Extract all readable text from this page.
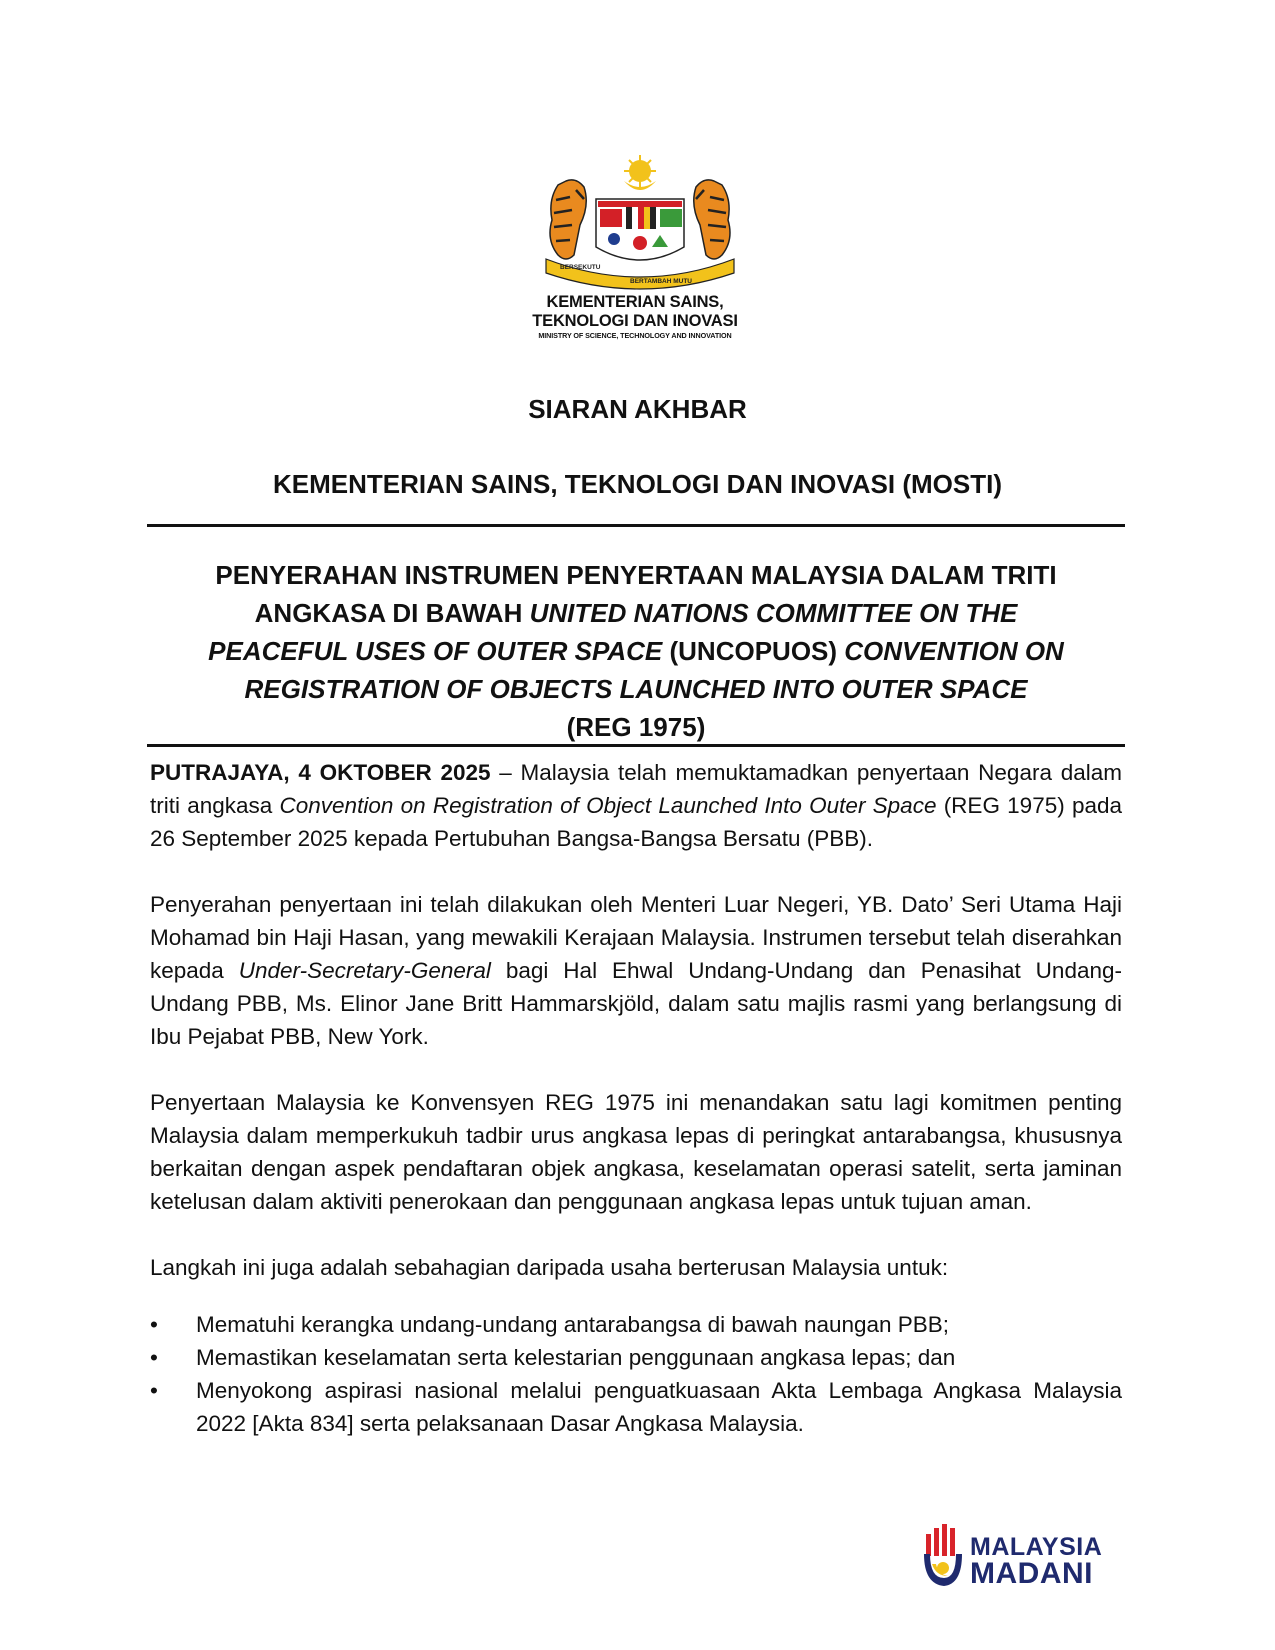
BERSEKUTU
BERTAMBAH MUTU
KEMENTERIAN SAINS,
TEKNOLOGI DAN INOVASI
MINISTRY OF SCIENCE, TECHNOLOGY AND INNOVATION
SIARAN AKHBAR
KEMENTERIAN SAINS, TEKNOLOGI DAN INOVASI (MOSTI)
PENYERAHAN INSTRUMEN PENYERTAAN MALAYSIA DALAM TRITI
ANGKASA DI BAWAH UNITED NATIONS COMMITTEE ON THE
PEACEFUL USES OF OUTER SPACE (UNCOPUOS) CONVENTION ON
REGISTRATION OF OBJECTS LAUNCHED INTO OUTER SPACE
(REG 1975)

PUTRAJAYA, 4 OKTOBER 2025 – Malaysia telah memuktamadkan penyertaan Negara dalam triti angkasa Convention on Registration of Object Launched Into Outer Space (REG 1975) pada 26 September 2025 kepada Pertubuhan Bangsa-Bangsa Bersatu (PBB).

Penyerahan penyertaan ini telah dilakukan oleh Menteri Luar Negeri, YB. Dato’ Seri Utama Haji Mohamad bin Haji Hasan, yang mewakili Kerajaan Malaysia. Instrumen tersebut telah diserahkan kepada Under-Secretary-General bagi Hal Ehwal Undang-Undang dan Penasihat Undang-Undang PBB, Ms. Elinor Jane Britt Hammarskjöld, dalam satu majlis rasmi yang berlangsung di Ibu Pejabat PBB, New York.

Penyertaan Malaysia ke Konvensyen REG 1975 ini menandakan satu lagi komitmen penting Malaysia dalam memperkukuh tadbir urus angkasa lepas di peringkat antarabangsa, khususnya berkaitan dengan aspek pendaftaran objek angkasa, keselamatan operasi satelit, serta jaminan ketelusan dalam aktiviti penerokaan dan penggunaan angkasa lepas untuk tujuan aman.

Langkah ini juga adalah sebahagian daripada usaha berterusan Malaysia untuk:

•	Mematuhi kerangka undang-undang antarabangsa di bawah naungan PBB;
•	Memastikan keselamatan serta kelestarian penggunaan angkasa lepas; dan
•	Menyokong aspirasi nasional melalui penguatkuasaan Akta Lembaga Angkasa Malaysia 2022 [Akta 834] serta pelaksanaan Dasar Angkasa Malaysia.
MALAYSIA
MADANI
